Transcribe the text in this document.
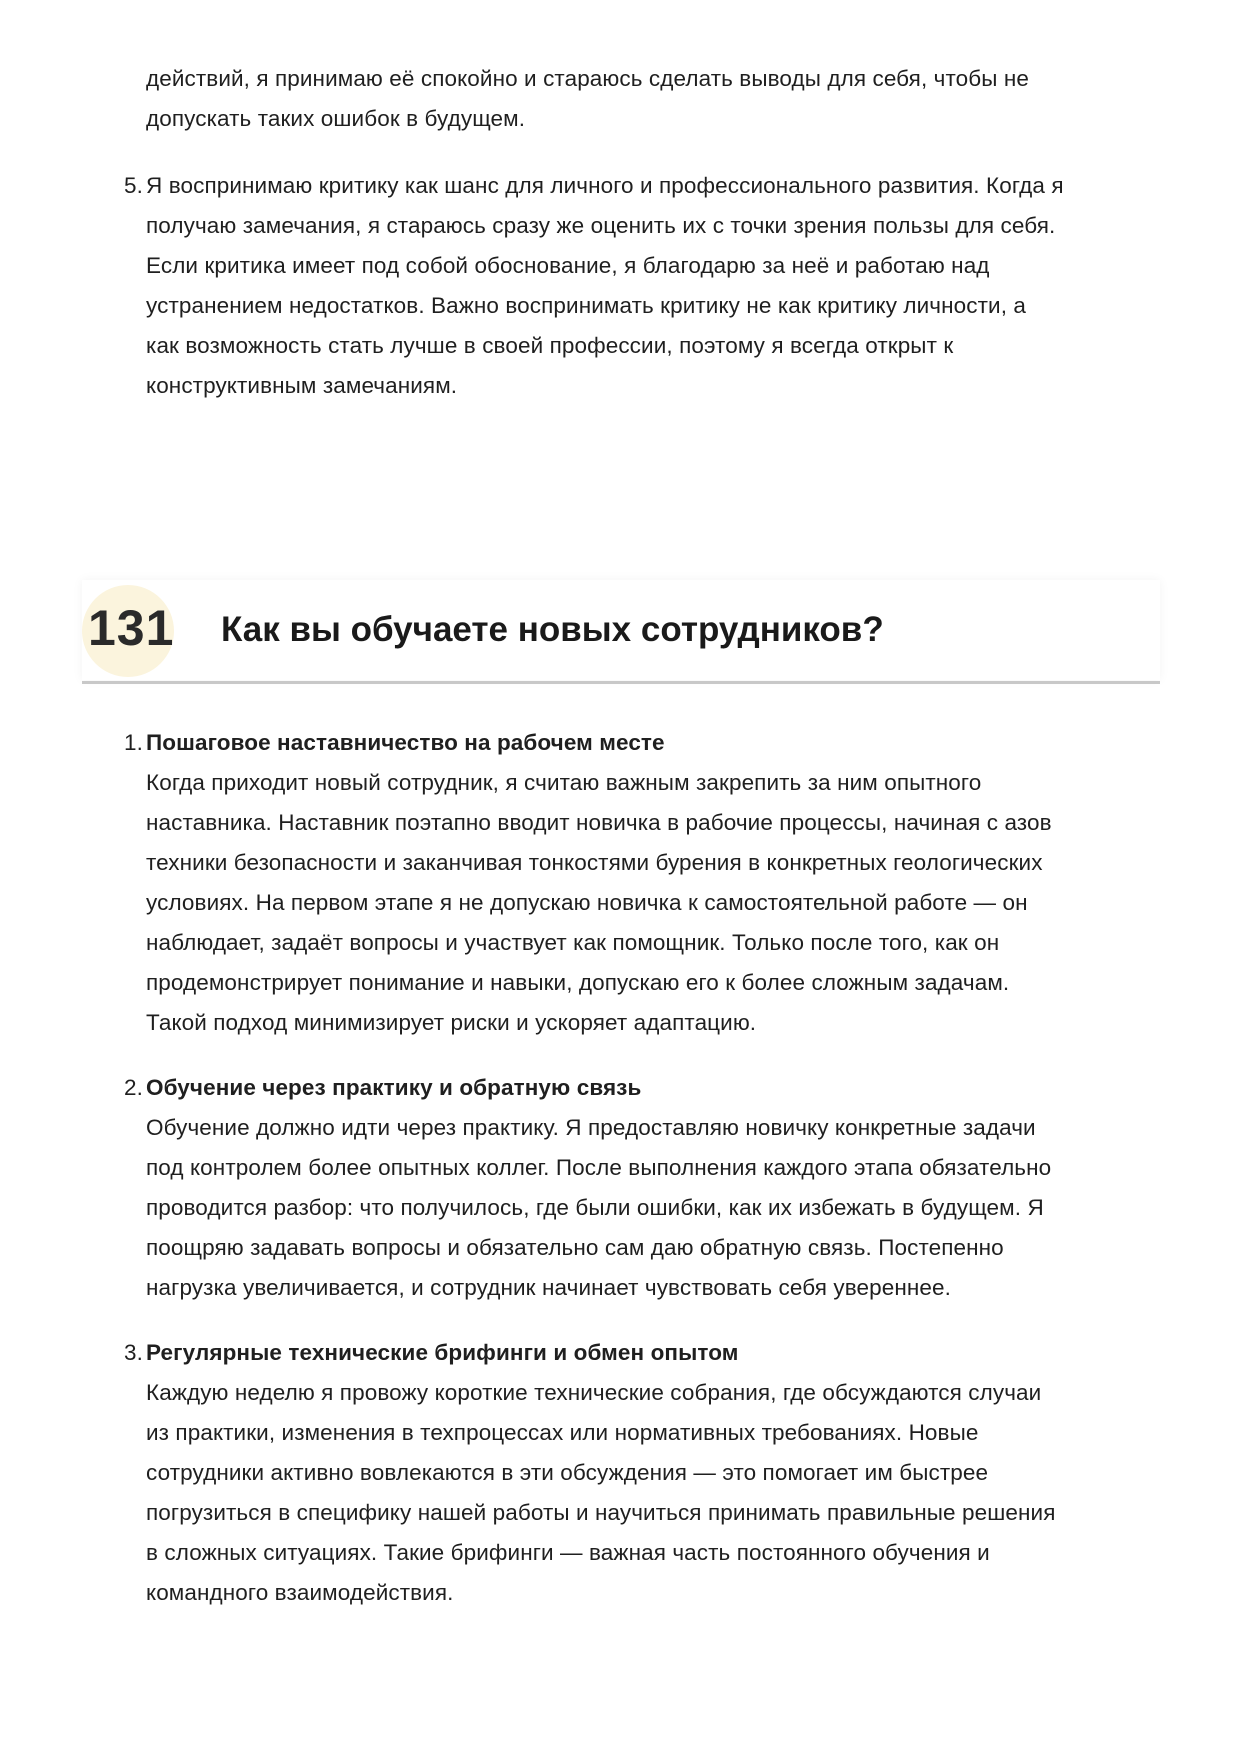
действий, я принимаю её спокойно и стараюсь сделать выводы для себя, чтобы не

допускать таких ошибок в будущем.

5. Я воспринимаю критику как шанс для личного и профессионального развития. Когда я

получаю замечания, я стараюсь сразу же оценить их с точки зрения пользы для себя.

Если критика имеет под собой обоснование, я благодарю за неё и работаю над

устранением недостатков. Важно воспринимать критику не как критику личности, а

как возможность стать лучше в своей профессии, поэтому я всегда открыт к

конструктивным замечаниям.

131 Как вы обучаете новых сотрудников?
1. Пошаговое наставничество на рабочем месте

Когда приходит новый сотрудник, я считаю важным закрепить за ним опытного

наставника. Наставник поэтапно вводит новичка в рабочие процессы, начиная с азов

техники безопасности и заканчивая тонкостями бурения в конкретных геологических

условиях. На первом этапе я не допускаю новичка к самостоятельной работе — он

наблюдает, задаёт вопросы и участвует как помощник. Только после того, как он

продемонстрирует понимание и навыки, допускаю его к более сложным задачам.

Такой подход минимизирует риски и ускоряет адаптацию.

2. Обучение через практику и обратную связь

Обучение должно идти через практику. Я предоставляю новичку конкретные задачи

под контролем более опытных коллег. После выполнения каждого этапа обязательно

проводится разбор: что получилось, где были ошибки, как их избежать в будущем. Я

поощряю задавать вопросы и обязательно сам даю обратную связь. Постепенно

нагрузка увеличивается, и сотрудник начинает чувствовать себя увереннее.

3. Регулярные технические брифинги и обмен опытом

Каждую неделю я провожу короткие технические собрания, где обсуждаются случаи

из практики, изменения в техпроцессах или нормативных требованиях. Новые

сотрудники активно вовлекаются в эти обсуждения — это помогает им быстрее

погрузиться в специфику нашей работы и научиться принимать правильные решения

в сложных ситуациях. Такие брифинги — важная часть постоянного обучения и

командного взаимодействия.
